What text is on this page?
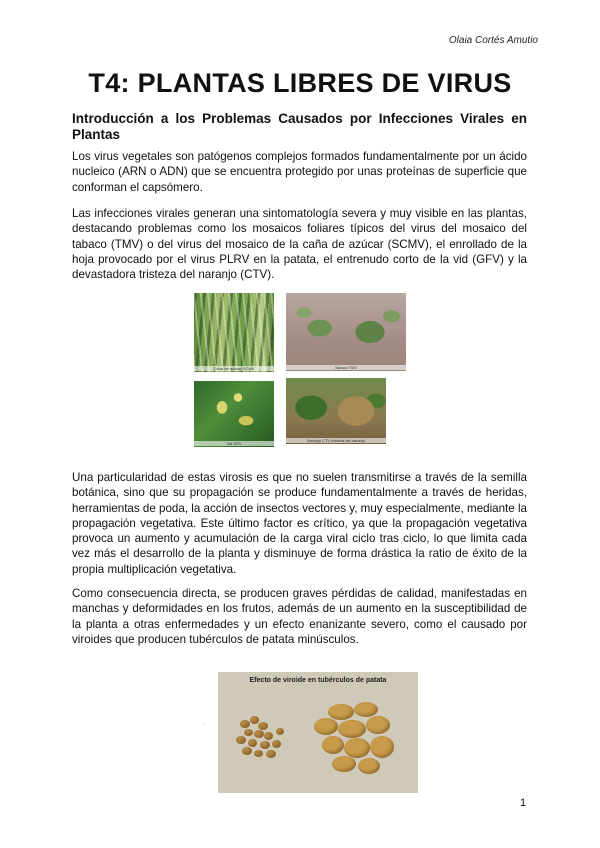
Olaia Cortés Amutio
T4: PLANTAS LIBRES DE VIRUS
Introducción a los Problemas Causados por Infecciones Virales en Plantas

Los virus vegetales son patógenos complejos formados fundamentalmente por un ácido nucleico (ARN o ADN) que se encuentra protegido por unas proteínas de superficie que conforman el capsómero.

Las infecciones virales generan una sintomatología severa y muy visible en las plantas, destacando problemas como los mosaicos foliares típicos del virus del mosaico del tabaco (TMV) o del virus del mosaico de la caña de azúcar (SCMV), el enrollado de la hoja provocado por el virus PLRV en la patata, el entrenudo corto de la vid (GFV) y la devastadora tristeza del naranjo (CTV).

Caña de azúcar SCMV	Tabaco TMV
Vid GFV
Naranjo CTV tristeza del naranjo

Una particularidad de estas virosis es que no suelen transmitirse a través de la semilla botánica, sino que su propagación se produce fundamentalmente a través de heridas, herramientas de poda, la acción de insectos vectores y, muy especialmente, mediante la propagación vegetativa. Este último factor es crítico, ya que la propagación vegetativa provoca un aumento y acumulación de la carga viral ciclo tras ciclo, lo que limita cada vez más el desarrollo de la planta y disminuye de forma drástica la ratio de éxito de la propia multiplicación vegetativa.

Como consecuencia directa, se producen graves pérdidas de calidad, manifestadas en manchas y deformidades en los frutos, además de un aumento en la susceptibilidad de la planta a otras enfermedades y un efecto enanizante severo, como el causado por viroides que producen tubérculos de patata minúsculos.

·
Efecto de viroide en tubérculos de patata
1
